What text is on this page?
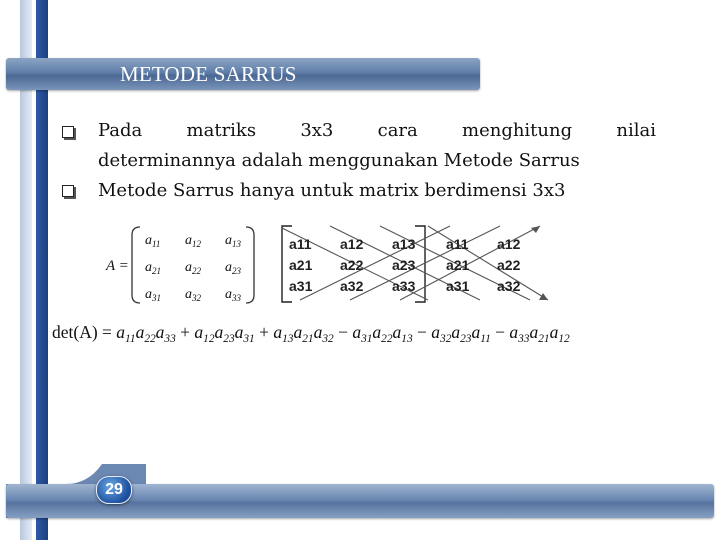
METODE SARRUS
Pada matriks 3x3 cara menghitung nilai
determinannya adalah menggunakan Metode Sarrus
Metode Sarrus hanya untuk matrix berdimensi 3x3
A =
$a_{11}$ $a_{12}$ $a_{13}$
$a_{21}$ $a_{22}$ $a_{23}$
$a_{31}$ $a_{32}$ $a_{33}$
a11 a12 a13 a11 a12
a21 a22 a23 a21 a22
a31 a32 a33 a31 a32
$\det(A) = a_{11}a_{22}a_{33} + a_{12}a_{23}a_{31} + a_{13}a_{21}a_{32} - a_{31}a_{22}a_{13} - a_{32}a_{23}a_{11} - a_{33}a_{21}a_{12}$
29
